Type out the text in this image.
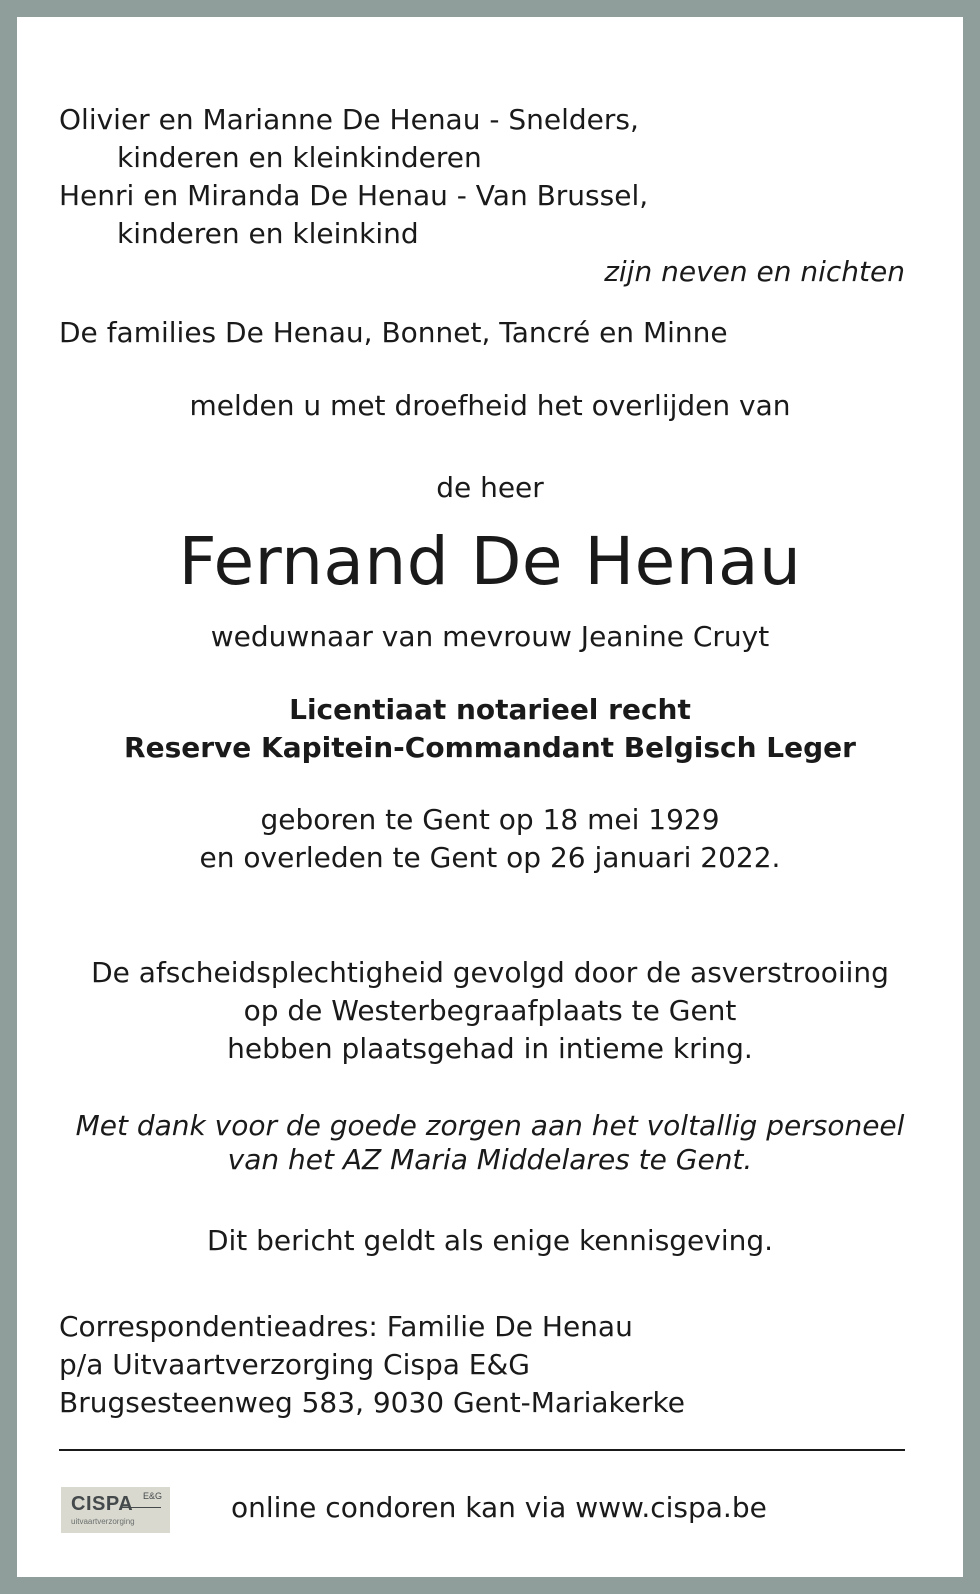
Olivier en Marianne De Henau - Snelders,
kinderen en kleinkinderen
Henri en Miranda De Henau - Van Brussel,
kinderen en kleinkind
zijn neven en nichten
De families De Henau, Bonnet, Tancré en Minne
melden u met droefheid het overlijden van
de heer
Fernand De Henau
weduwnaar van mevrouw Jeanine Cruyt
Licentiaat notarieel recht
Reserve Kapitein-Commandant Belgisch Leger
geboren te Gent op 18 mei 1929
en overleden te Gent op 26 januari 2022.
De afscheidsplechtigheid gevolgd door de asverstrooiing
op de Westerbegraafplaats te Gent
hebben plaatsgehad in intieme kring.
Met dank voor de goede zorgen aan het voltallig personeel
van het AZ Maria Middelares te Gent.
Dit bericht geldt als enige kennisgeving.
Correspondentieadres: Familie De Henau
p/a Uitvaartverzorging Cispa E&G
Brugsesteenweg 583, 9030 Gent-Mariakerke
CISPA E&G
uitvaartverzorging	online condoren kan via www.cispa.be
